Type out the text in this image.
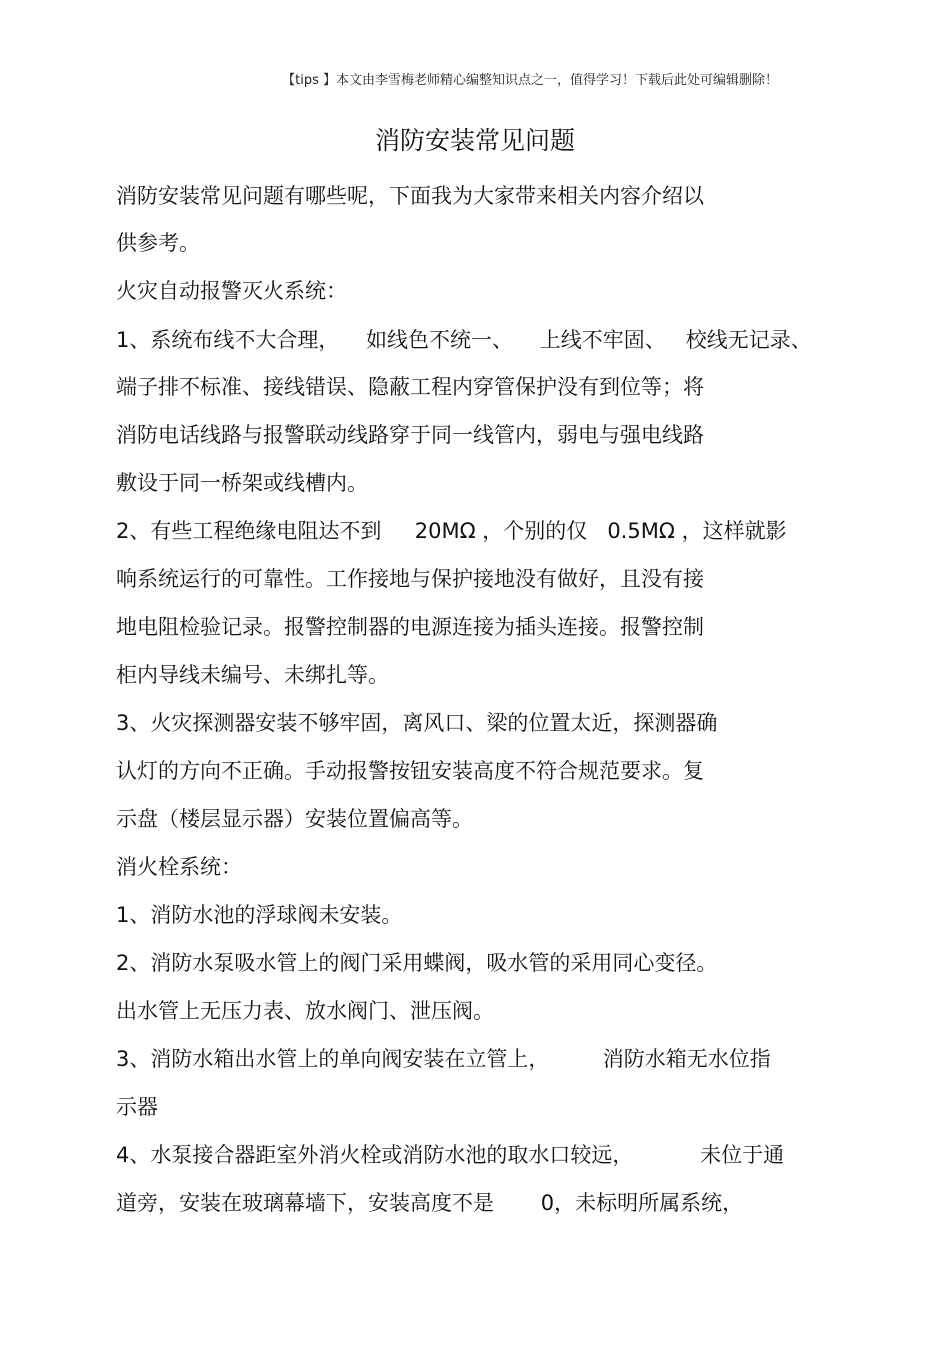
【tips 】本文由李雪梅老师精心编整知识点之一，值得学习！下载后此处可编辑删除！
消防安装常见问题
消防安装常见问题有哪些呢，下面我为大家带来相关内容介绍以
供参考。
火灾自动报警灭火系统：
1、系统布线不大合理，    如线色不统一、    上线不牢固、   校线无记录、
端子排不标准、接线错误、隐蔽工程内穿管保护没有到位等；将
消防电话线路与报警联动线路穿于同一线管内，弱电与强电线路
敷设于同一桥架或线槽内。
2、有些工程绝缘电阻达不到     20MΩ ，个别的仅   0.5MΩ ，这样就影
响系统运行的可靠性。工作接地与保护接地没有做好，且没有接
地电阻检验记录。报警控制器的电源连接为插头连接。报警控制
柜内导线未编号、未绑扎等。
3、火灾探测器安装不够牢固，离风口、梁的位置太近，探测器确
认灯的方向不正确。手动报警按钮安装高度不符合规范要求。复
示盘（楼层显示器）安装位置偏高等。
消火栓系统：
1、消防水池的浮球阀未安装。
2、消防水泵吸水管上的阀门采用蝶阀，吸水管的采用同心变径。
出水管上无压力表、放水阀门、泄压阀。
3、消防水箱出水管上的单向阀安装在立管上，        消防水箱无水位指
示器
4、水泵接合器距室外消火栓或消防水池的取水口较远，          未位于通
道旁，安装在玻璃幕墙下，安装高度不是       0，未标明所属系统，
